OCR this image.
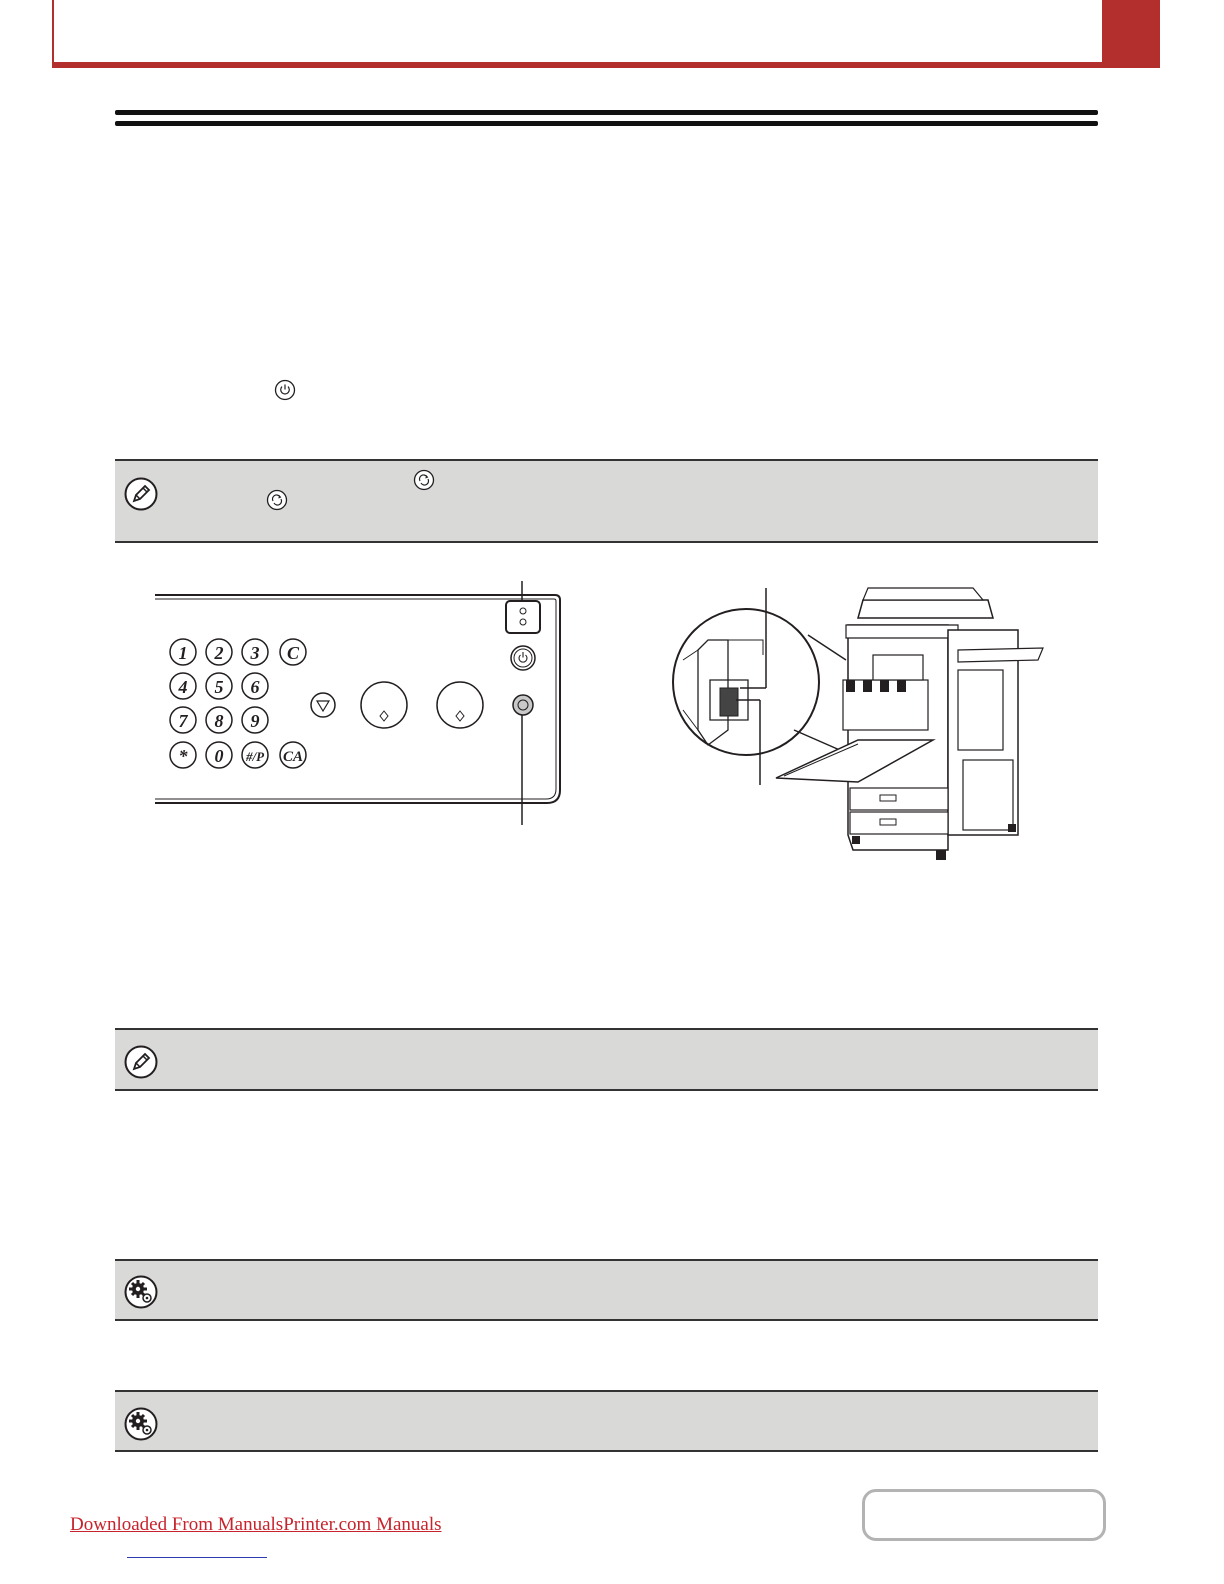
1 2 3 C
4 5 6
7 8 9
* 0 #/P CA
Downloaded From ManualsPrinter.com Manuals
